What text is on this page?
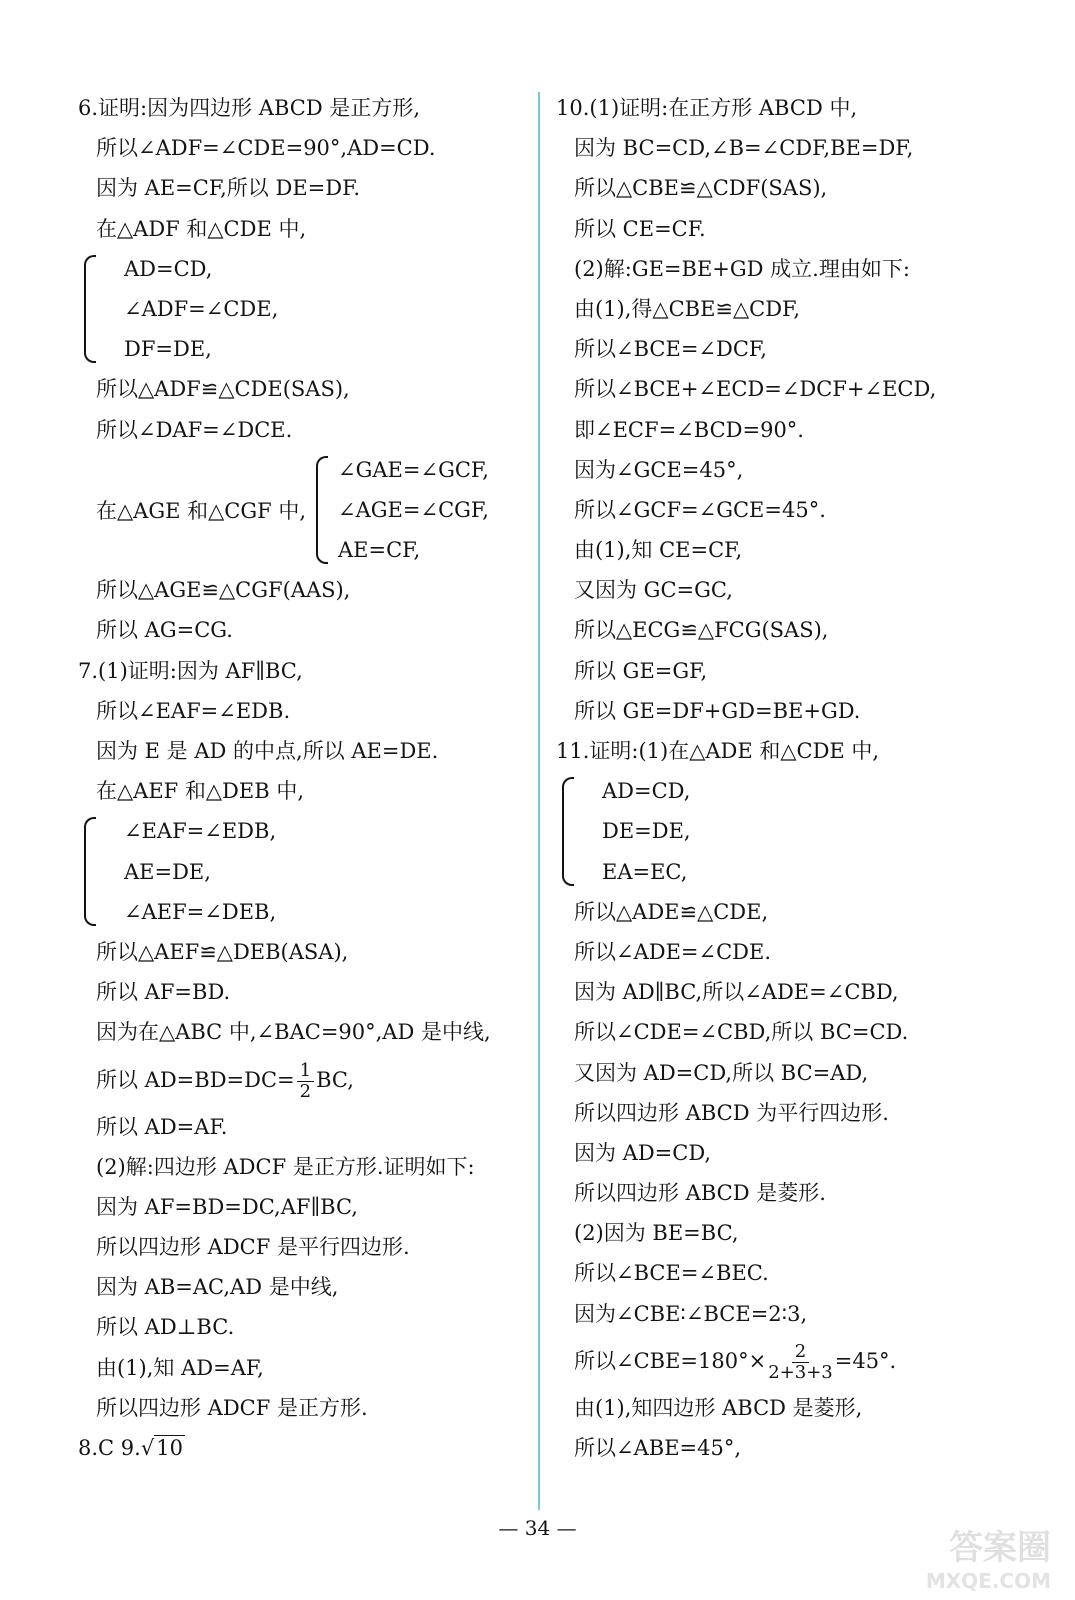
6.证明:因为四边形 ABCD 是正方形,
所以∠ADF=∠CDE=90°,AD=CD.
因为 AE=CF,所以 DE=DF.
在△ADF 和△CDE 中,
AD=CD,
∠ADF=∠CDE,
DF=DE,
所以△ADF≌△CDE(SAS),
所以∠DAF=∠DCE.
在△AGE 和△CGF 中,
∠GAE=∠GCF,
∠AGE=∠CGF,
AE=CF,
所以△AGE≌△CGF(AAS),
所以 AG=CG.
7.(1)证明:因为 AF∥BC,
所以∠EAF=∠EDB.
因为 E 是 AD 的中点,所以 AE=DE.
在△AEF 和△DEB 中,
∠EAF=∠EDB,
AE=DE,
∠AEF=∠DEB,
所以△AEF≌△DEB(ASA),
所以 AF=BD.
因为在△ABC 中,∠BAC=90°,AD 是中线,
所以 $AD=BD=DC= \frac{1}{2}$ BC,
所以 AD=AF.
(2)解:四边形 ADCF 是正方形.证明如下:
因为 AF=BD=DC,AF∥BC,
所以四边形 ADCF 是平行四边形.
因为 AB=AC,AD 是中线,
所以 AD⊥BC.
由(1),知 AD=AF,
所以四边形 ADCF 是正方形.
8.C 9.√10
10.(1)证明:在正方形 ABCD 中,
因为 BC=CD,∠B=∠CDF,BE=DF,
所以△CBE≌△CDF(SAS),
所以 CE=CF.
(2)解:GE=BE+GD 成立.理由如下:
由(1),得△CBE≌△CDF,
所以∠BCE=∠DCF,
所以∠BCE+∠ECD=∠DCF+∠ECD,
即∠ECF=∠BCD=90°.
因为∠GCE=45°,
所以∠GCF=∠GCE=45°.
由(1),知 CE=CF,
又因为 GC=GC,
所以△ECG≌△FCG(SAS),
所以 GE=GF,
所以 GE=DF+GD=BE+GD.
11.证明:(1)在△ADE 和△CDE 中,
AD=CD,
DE=DE,
EA=EC,
所以△ADE≌△CDE,
所以∠ADE=∠CDE.
因为 AD∥BC,所以∠ADE=∠CBD,
所以∠CDE=∠CBD,所以 BC=CD.
又因为 AD=CD,所以 BC=AD,
所以四边形 ABCD 为平行四边形.
因为 AD=CD,
所以四边形 ABCD 是菱形.
(2)因为 BE=BC,
所以∠BCE=∠BEC.
因为∠CBE∶∠BCE=2∶3,
所以∠CBE=180°× $\frac{2}{2+3+3} =45^\circ$.
由(1),知四边形 ABCD 是菱形,
所以∠ABE=45°,
— 34 —	答案圈
MXQE.COM
